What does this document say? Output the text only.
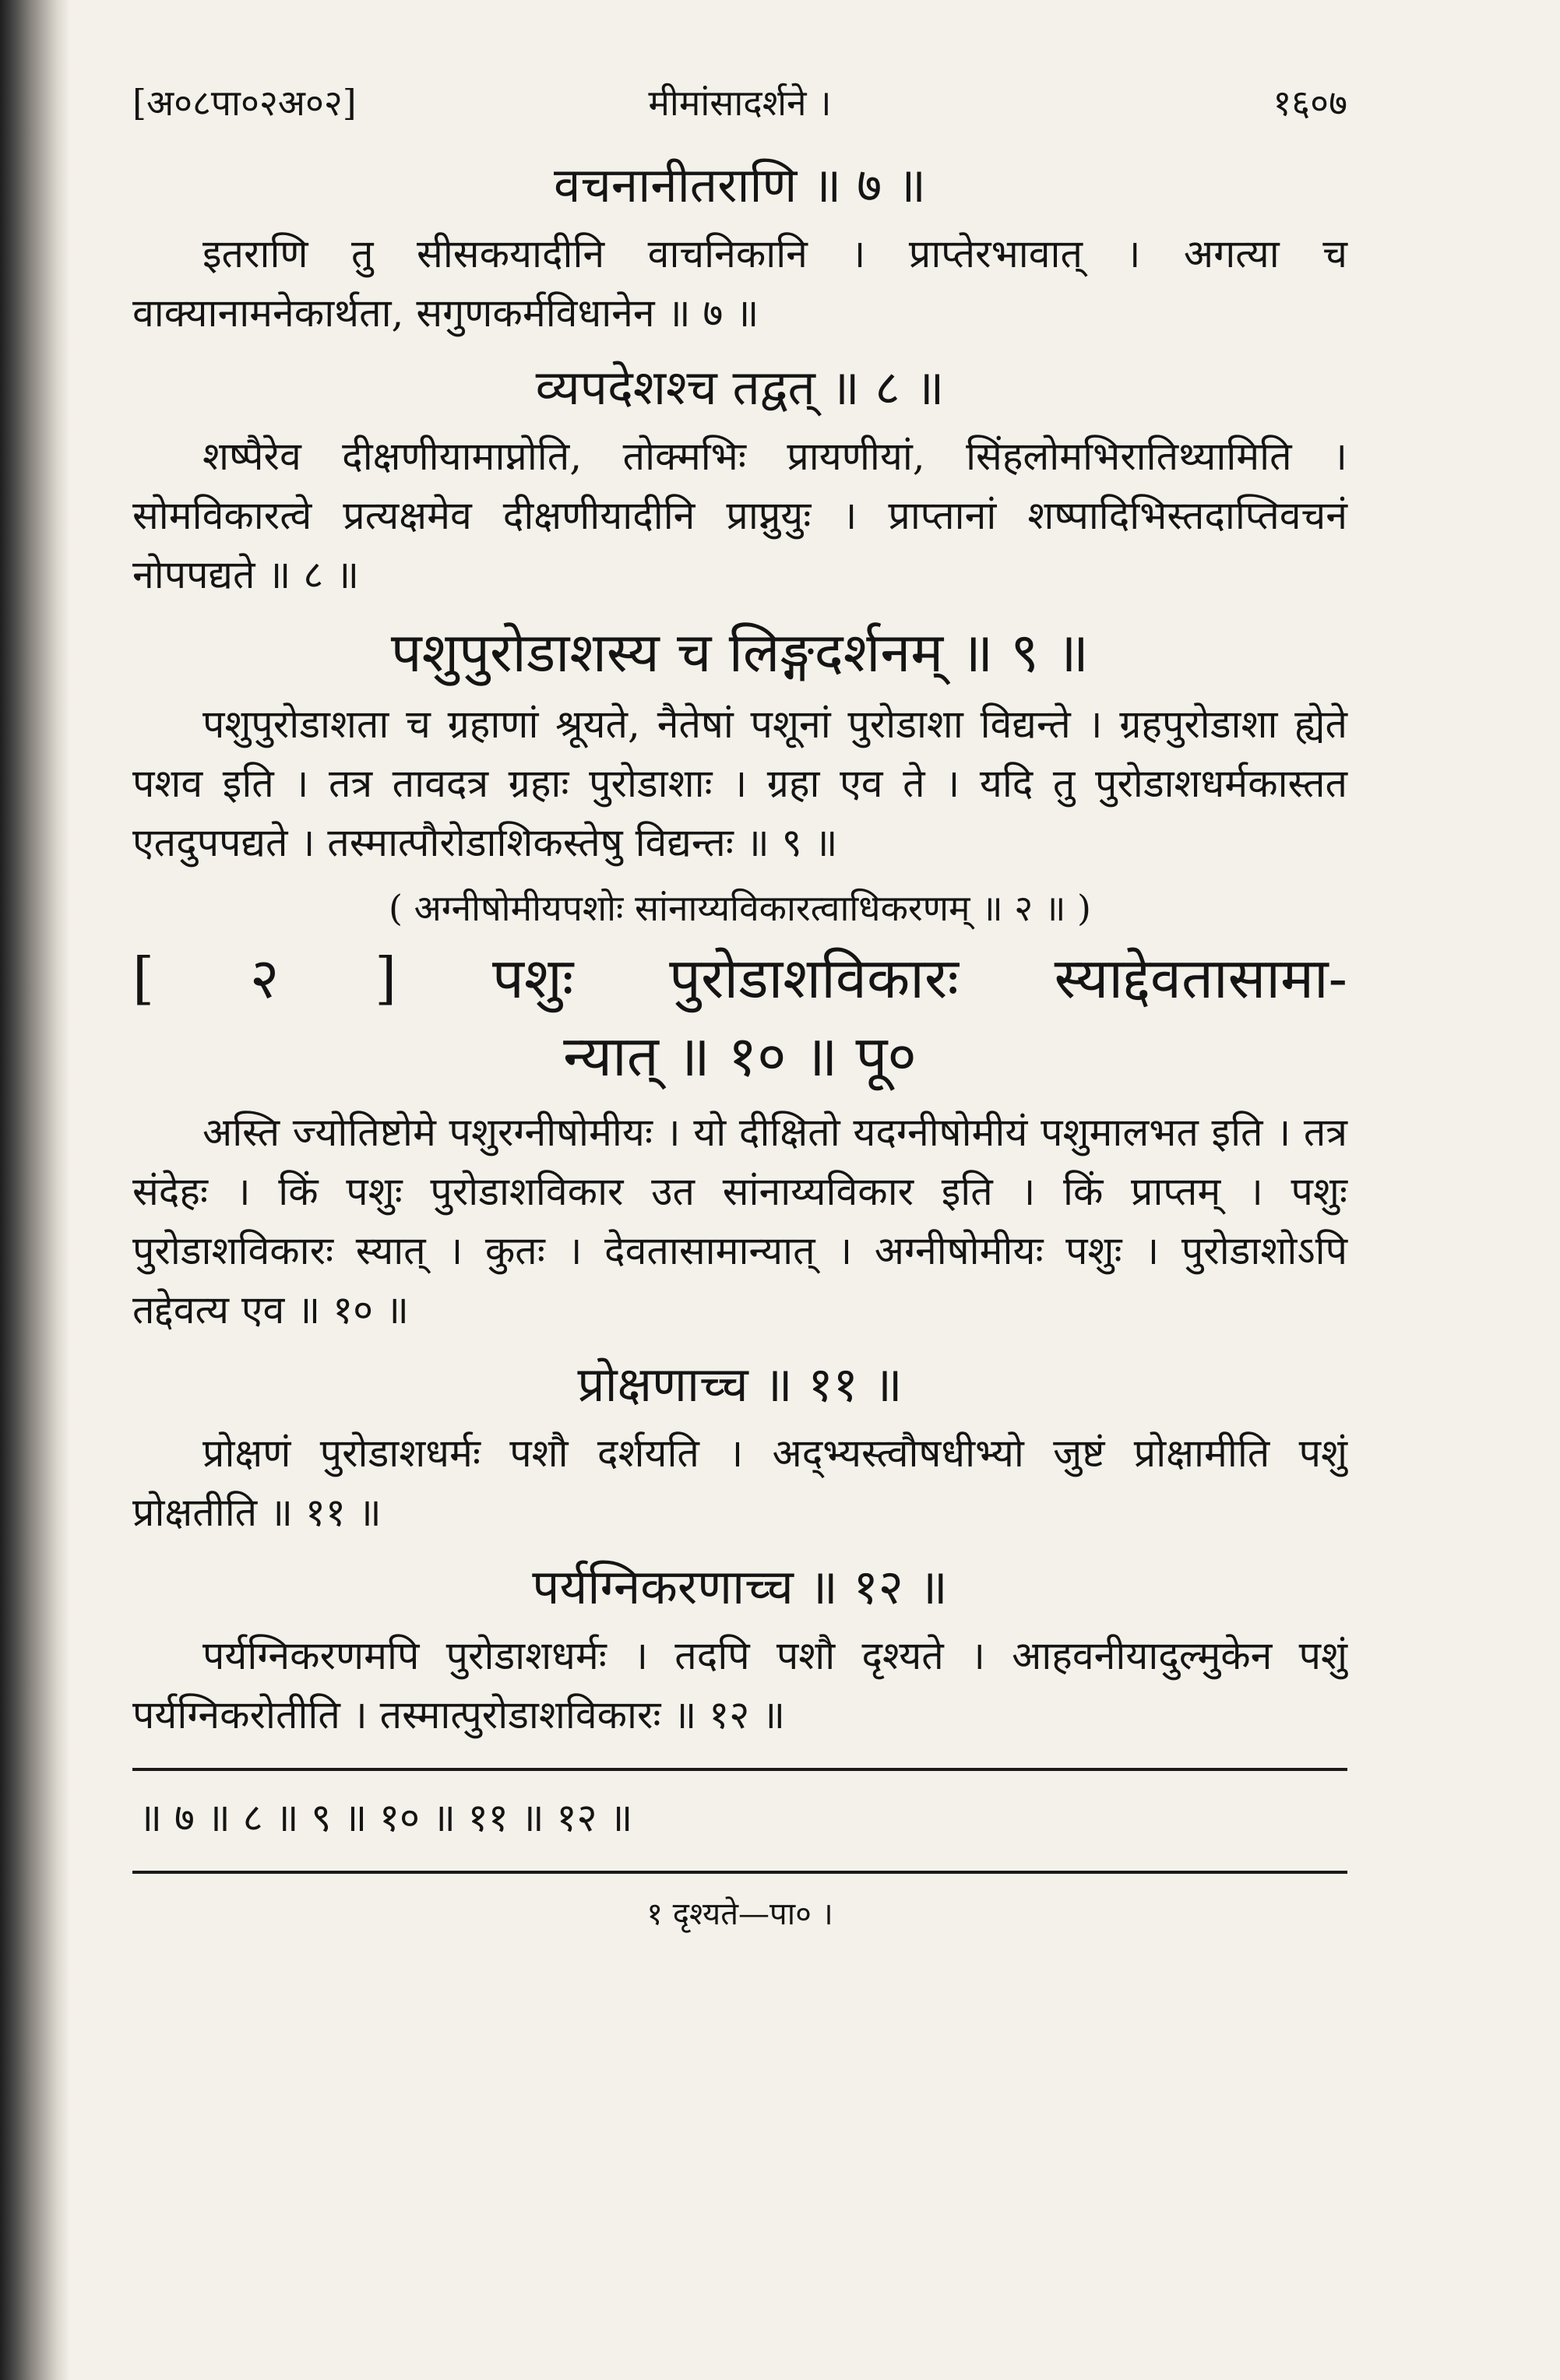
[अ०८पा०२अ०२]	मीमांसादर्शने ।	१६०७
वचनानीतराणि ॥ ७ ॥

इतराणि तु सीसकयादीनि वाचनिकानि । प्राप्तेरभावात् । अगत्या च वाक्यानामनेकार्थता, सगुणकर्मविधानेन ॥ ७ ॥

व्यपदेशश्च तद्वत् ॥ ८ ॥

शष्पैरेव दीक्षणीयामाप्नोति, तोक्मभिः प्रायणीयां, सिंहलोमभिरातिथ्यामिति । सोमविकारत्वे प्रत्यक्षमेव दीक्षणीयादीनि प्राप्नुयुः । प्राप्तानां शष्पादिभिस्तदाप्तिवचनं नोपपद्यते ॥ ८ ॥

पशुपुरोडाशस्य च लिङ्गदर्शनम् ॥ ९ ॥

पशुपुरोडाशता च ग्रहाणां श्रूयते, नैतेषां पशूनां पुरोडाशा विद्यन्ते । ग्रहपुरोडाशा ह्येते पशव इति । तत्र तावदत्र ग्रहाः पुरोडाशाः । ग्रहा एव ते । यदि तु पुरोडाशधर्मकास्तत एतदुपपद्यते । तस्मात्पौरोडाशिकस्तेषु विद्यन्तः ॥ ९ ॥

( अग्नीषोमीयपशोः सांनाय्यविकारत्वाधिकरणम् ॥ २ ॥ )
[ २ ] पशुः पुरोडाशविकारः स्याद्देवतासामा-
न्यात् ॥ १० ॥ पू०

अस्ति ज्योतिष्टोमे पशुरग्नीषोमीयः । यो दीक्षितो यदग्नीषोमीयं पशुमालभत इति । तत्र संदेहः । किं पशुः पुरोडाशविकार उत सांनाय्यविकार इति । किं प्राप्तम् । पशुः पुरोडाशविकारः स्यात् । कुतः । देवतासामान्यात् । अग्नीषोमीयः पशुः । पुरोडाशोऽपि तद्देवत्य एव ॥ १० ॥

प्रोक्षणाच्च ॥ ११ ॥

प्रोक्षणं पुरोडाशधर्मः पशौ दर्शयति । अद्भ्यस्त्वौषधीभ्यो जुष्टं प्रोक्षामीति पशुं प्रोक्षतीति ॥ ११ ॥

पर्यग्निकरणाच्च ॥ १२ ॥

पर्यग्निकरणमपि पुरोडाशधर्मः । तदपि पशौ दृश्यते । आहवनीयादुल्मुकेन पशुं पर्यग्निकरोतीति । तस्मात्पुरोडाशविकारः ॥ १२ ॥

॥ ७ ॥ ८ ॥ ९ ॥ १० ॥ ११ ॥ १२ ॥
१ दृश्यते—पा० ।
